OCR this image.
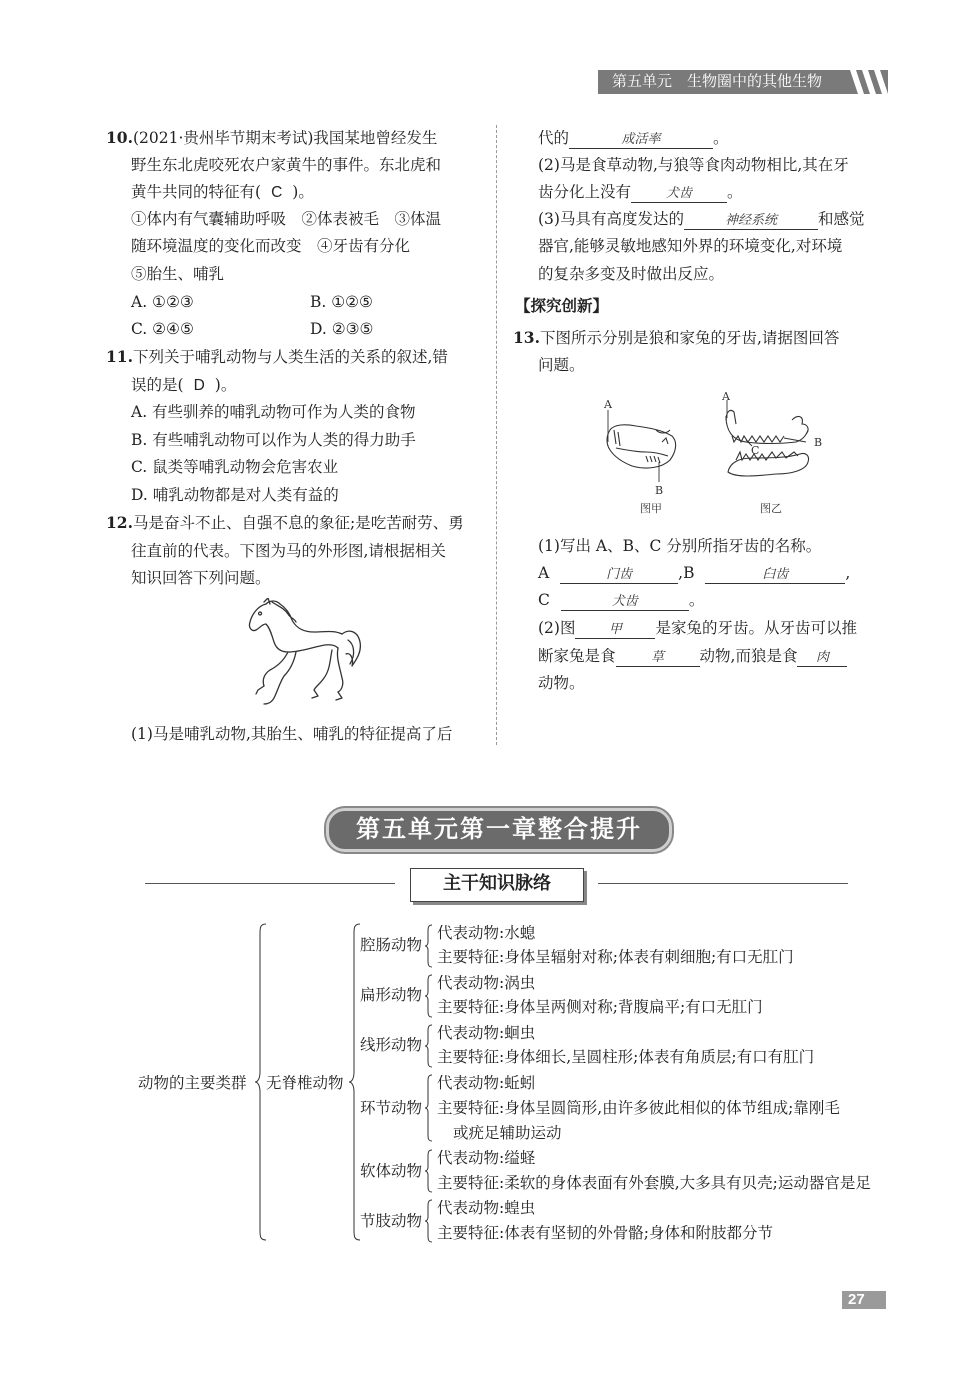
第五单元　生物圈中的其他生物
10.(2021·贵州毕节期末考试)我国某地曾经发生
野生东北虎咬死农户家黄牛的事件。东北虎和
黄牛共同的特征有( C )。
①体内有气囊辅助呼吸　②体表被毛　③体温
随环境温度的变化而改变　④牙齿有分化
⑤胎生、哺乳
A. ①②③	B. ①②⑤
C. ②④⑤	D. ②③⑤
11.下列关于哺乳动物与人类生活的关系的叙述,错
误的是( D )。
A. 有些驯养的哺乳动物可作为人类的食物
B. 有些哺乳动物可以作为人类的得力助手
C. 鼠类等哺乳动物会危害农业
D. 哺乳动物都是对人类有益的
12.马是奋斗不止、自强不息的象征;是吃苦耐劳、勇
往直前的代表。下图为马的外形图,请根据相关
知识回答下列问题。
(1)马是哺乳动物,其胎生、哺乳的特征提高了后
代的	成活率	。
(2)马是食草动物,与狼等食肉动物相比,其在牙
齿分化上没有	犬齿 。
(3)马具有高度发达的	神经系统	和感觉
器官,能够灵敏地感知外界的环境变化,对环境
的复杂多变及时做出反应。
【探究创新】
13.下图所示分别是狼和家兔的牙齿,请据图回答
问题。
A
B
A
B
C
图甲	图乙
(1)写出 A、B、C 分别所指牙齿的名称。
A	门齿	,B	臼齿	,
C	犬齿	。
(2)图	甲 是家兔的牙齿。从牙齿可以推
断家兔是食	草 动物,而狼是食 肉
动物。
第五单元第一章整合提升
主干知识脉络
动物的主要类群 无脊椎动物
腔肠动物
代表动物:水螅
主要特征:身体呈辐射对称;体表有刺细胞;有口无肛门
扁形动物
代表动物:涡虫
主要特征:身体呈两侧对称;背腹扁平;有口无肛门
线形动物
代表动物:蛔虫
主要特征:身体细长,呈圆柱形;体表有角质层;有口有肛门
环节动物
代表动物:蚯蚓
主要特征:身体呈圆筒形,由许多彼此相似的体节组成;靠刚毛
或疣足辅助运动
软体动物
代表动物:缢蛏
主要特征:柔软的身体表面有外套膜,大多具有贝壳;运动器官是足
节肢动物
代表动物:蝗虫
主要特征:体表有坚韧的外骨骼;身体和附肢都分节
27
